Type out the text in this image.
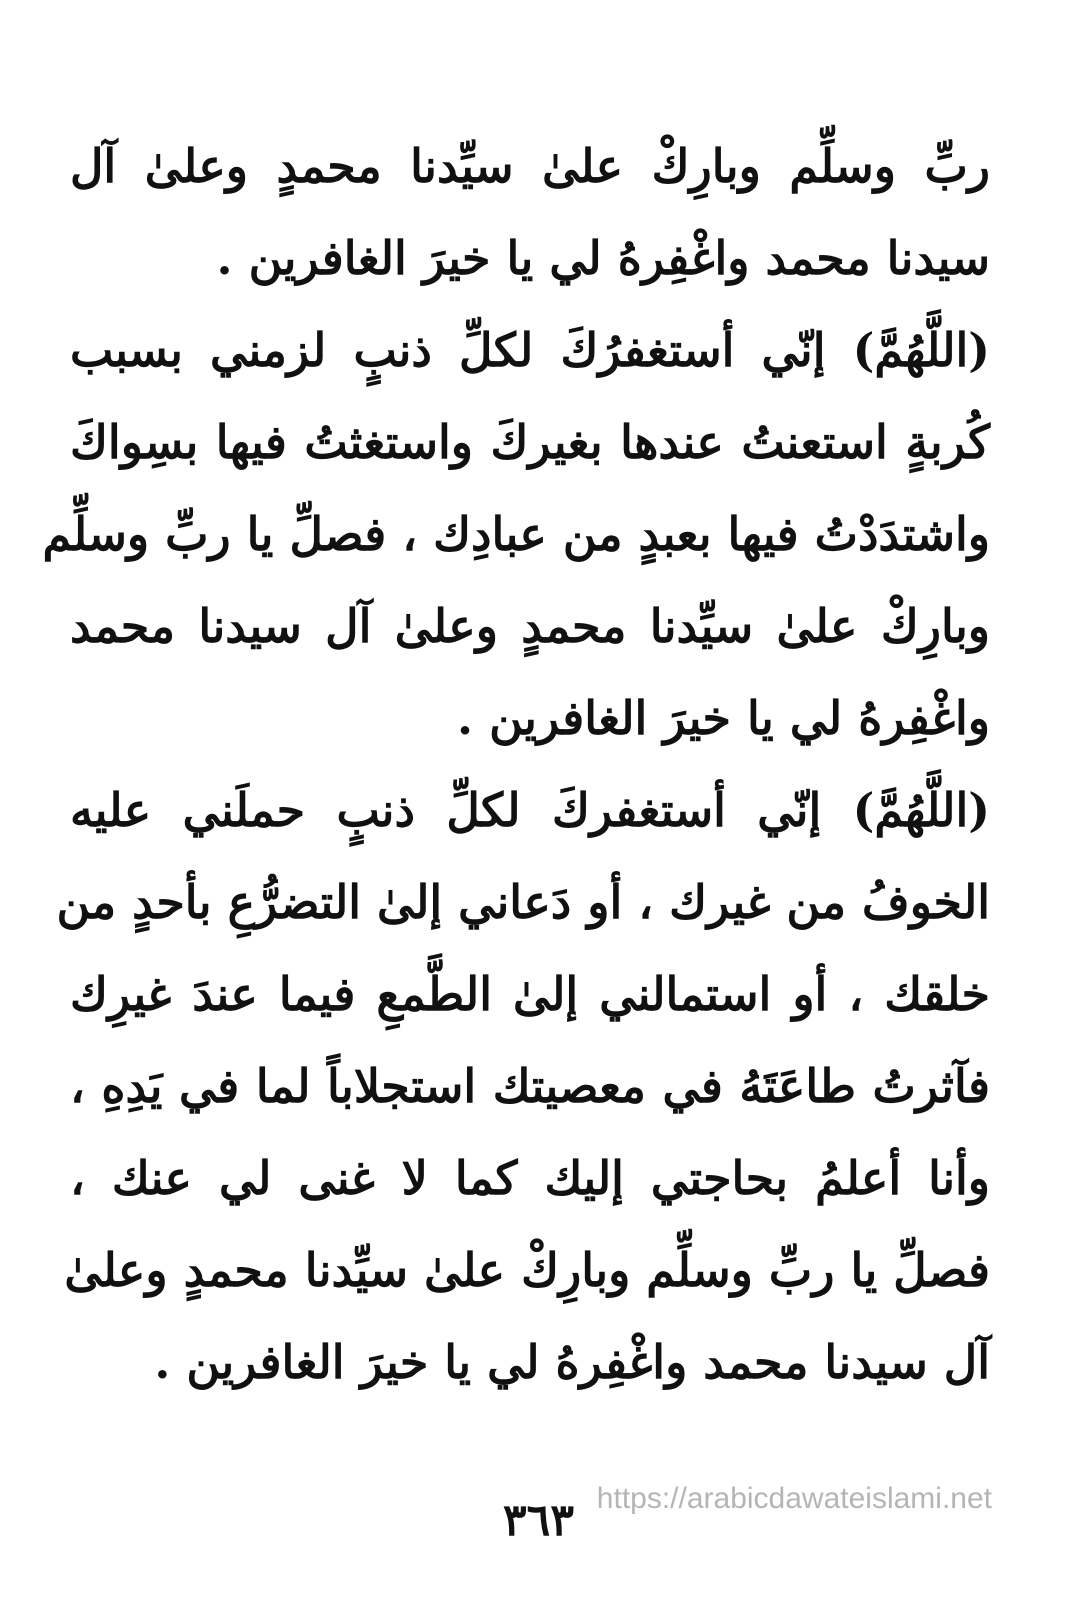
ربِّ وسلِّم وبارِكْ علىٰ سيِّدنا محمدٍ وعلىٰ آل
سيدنا محمد واغْفِرهُ لي يا خيرَ الغافرين .
(اللَّهُمَّ) إنّي أستغفرُكَ لكلِّ ذنبٍ لزمني بسبب
كُربةٍ استعنتُ عندها بغيركَ واستغثتُ فيها بسِواكَ
واشتدَدْتُ فيها بعبدٍ من عبادِك ، فصلِّ يا ربِّ وسلِّم
وبارِكْ علىٰ سيِّدنا محمدٍ وعلىٰ آل سيدنا محمد
واغْفِرهُ لي يا خيرَ الغافرين .
(اللَّهُمَّ) إنّي أستغفركَ لكلِّ ذنبٍ حملَني عليه
الخوفُ من غيرك ، أو دَعاني إلىٰ التضرُّعِ بأحدٍ من
خلقك ، أو استمالني إلىٰ الطَّمعِ فيما عندَ غيرِك
فآثرتُ طاعَتَهُ في معصيتك استجلاباً لما في يَدِهِ ،
وأنا أعلمُ بحاجتي إليك كما لا غنى لي عنك ،
فصلِّ يا ربِّ وسلِّم وبارِكْ علىٰ سيِّدنا محمدٍ وعلىٰ
آل سيدنا محمد واغْفِرهُ لي يا خيرَ الغافرين .
٣٦٣ https://arabicdawateislami.net
